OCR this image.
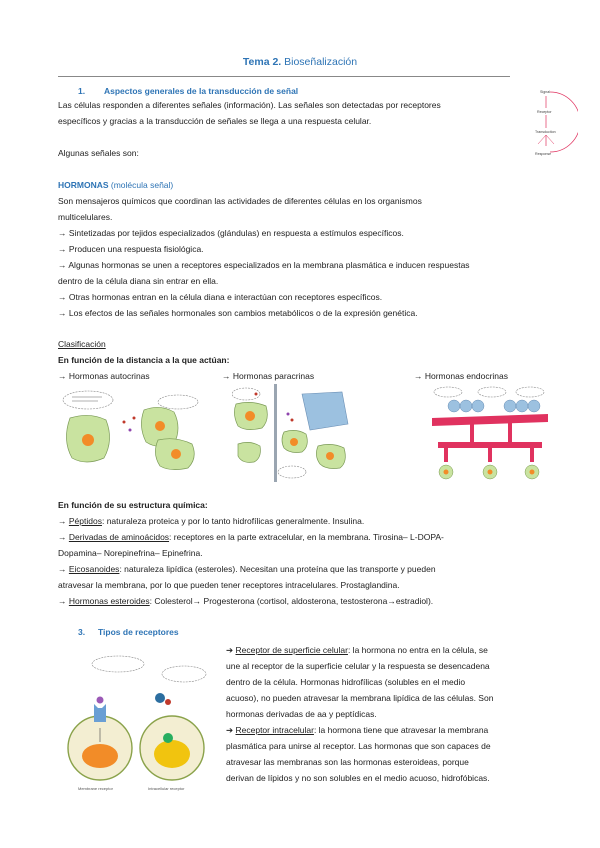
Tema 2. Bioseñalización
1. Aspectos generales de la transducción de señal
Las células responden a diferentes señales (información). Las señales son detectadas por receptores
específicos y gracias a la transducción de señales se llega a una respuesta celular.
Algunas señales son:
Signal
Receptor
Transduction
Response
HORMONAS (molécula señal)
Son mensajeros químicos que coordinan las actividades de diferentes células en los organismos
multicelulares.
→ Sintetizadas por tejidos especializados (glándulas) en respuesta a estímulos específicos.
→ Producen una respuesta fisiológica.
→ Algunas hormonas se unen a receptores especializados en la membrana plasmática e inducen respuestas
dentro de la célula diana sin entrar en ella.
→ Otras hormonas entran en la célula diana e interactúan con receptores específicos.
→ Los efectos de las señales hormonales son cambios metabólicos o de la expresión genética.
Clasificación
En función de la distancia a la que actúan:
→ Hormonas autocrinas	→ Hormonas paracrinas	→ Hormonas endocrinas
En función de su estructura química:
→ Péptidos: naturaleza proteica y por lo tanto hidrofílicas generalmente. Insulina.
→ Derivadas de aminoácidos: receptores en la parte extracelular, en la membrana. Tirosina– L-DOPA-
Dopamina– Norepinefrina– Epinefrina.
→ Eicosanoides: naturaleza lipídica (esteroles). Necesitan una proteína que las transporte y pueden
atravesar la membrana, por lo que pueden tener receptores intracelulares. Prostaglandina.
→ Hormonas esteroides: Colesterol→ Progesterona (cortisol, aldosterona, testosterona→estradiol).
3. Tipos de receptores
Membrane receptor	Intracellular receptor
➔ Receptor de superficie celular: la hormona no entra en la célula, se
une al receptor de la superficie celular y la respuesta se desencadena
dentro de la célula. Hormonas hidrofílicas (solubles en el medio
acuoso), no pueden atravesar la membrana lipídica de las células. Son
hormonas derivadas de aa y peptídicas.
➔ Receptor intracelular: la hormona tiene que atravesar la membrana
plasmática para unirse al receptor. Las hormonas que son capaces de
atravesar las membranas son las hormonas esteroideas, porque
derivan de lípidos y no son solubles en el medio acuoso, hidrofóbicas.
